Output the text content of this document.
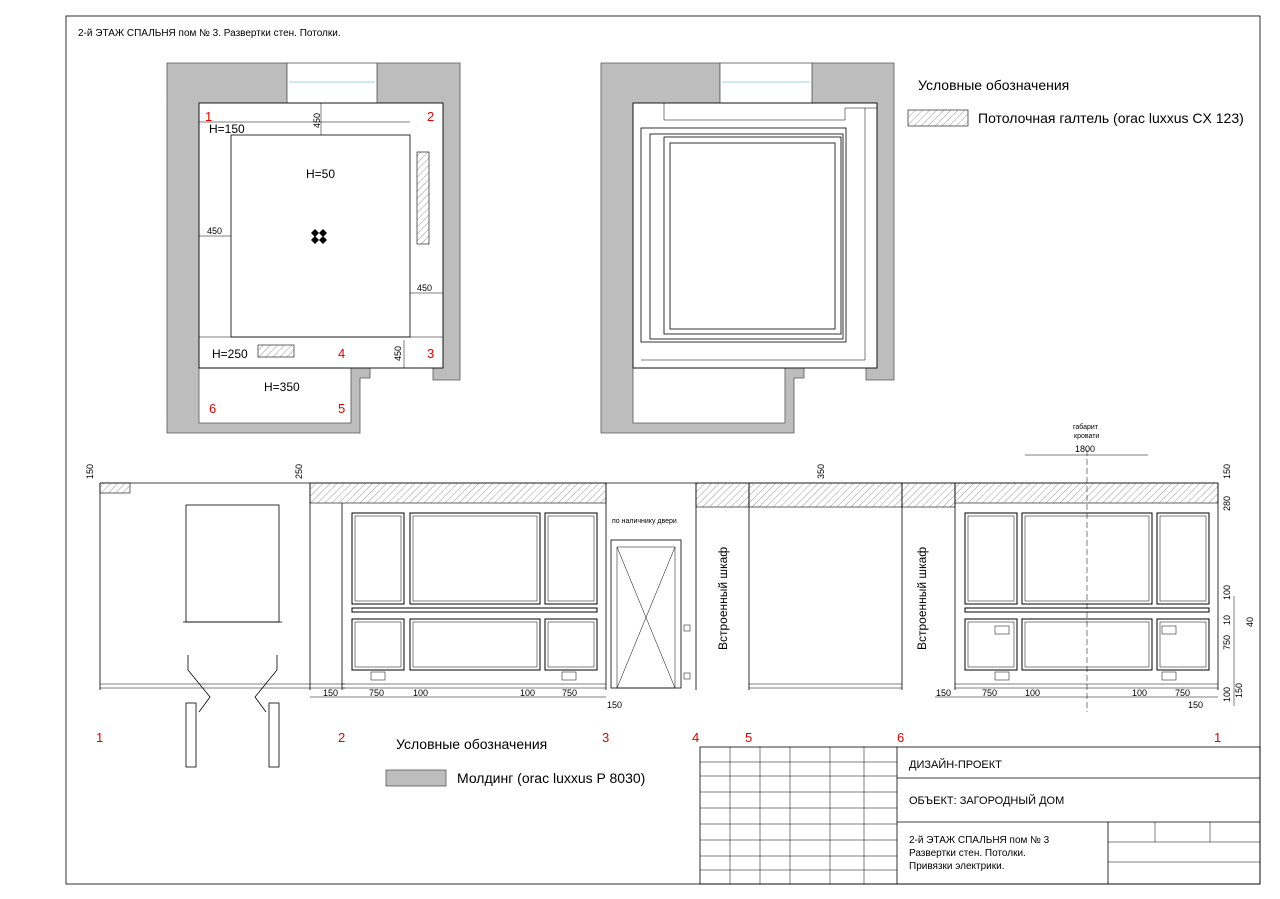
2-й ЭТАЖ СПАЛЬНЯ пом № 3. Развертки стен. Потолки.
1	2
3
4
5
6
H=150
H=50
H=250
H=350
450
450
450
450
Условные обозначения
Потолочная галтель (orac luxxus CX 123)
по наличнику двери
Встроенный шкаф	Встроенный шкаф
габарит
кровати
1800
150	250	350	150
280
150	750	100	100	750
150
150	750	100	100	750
150
100
40
10
750
100 150
1	2	3	4	5	6	1
Условные обозначения
Молдинг (orac luxxus P 8030)
ДИЗАЙН-ПРОЕКТ
ОБЪЕКТ: ЗАГОРОДНЫЙ ДОМ
2-й ЭТАЖ СПАЛЬНЯ пом № 3
Развертки стен. Потолки.
Привязки электрики.
